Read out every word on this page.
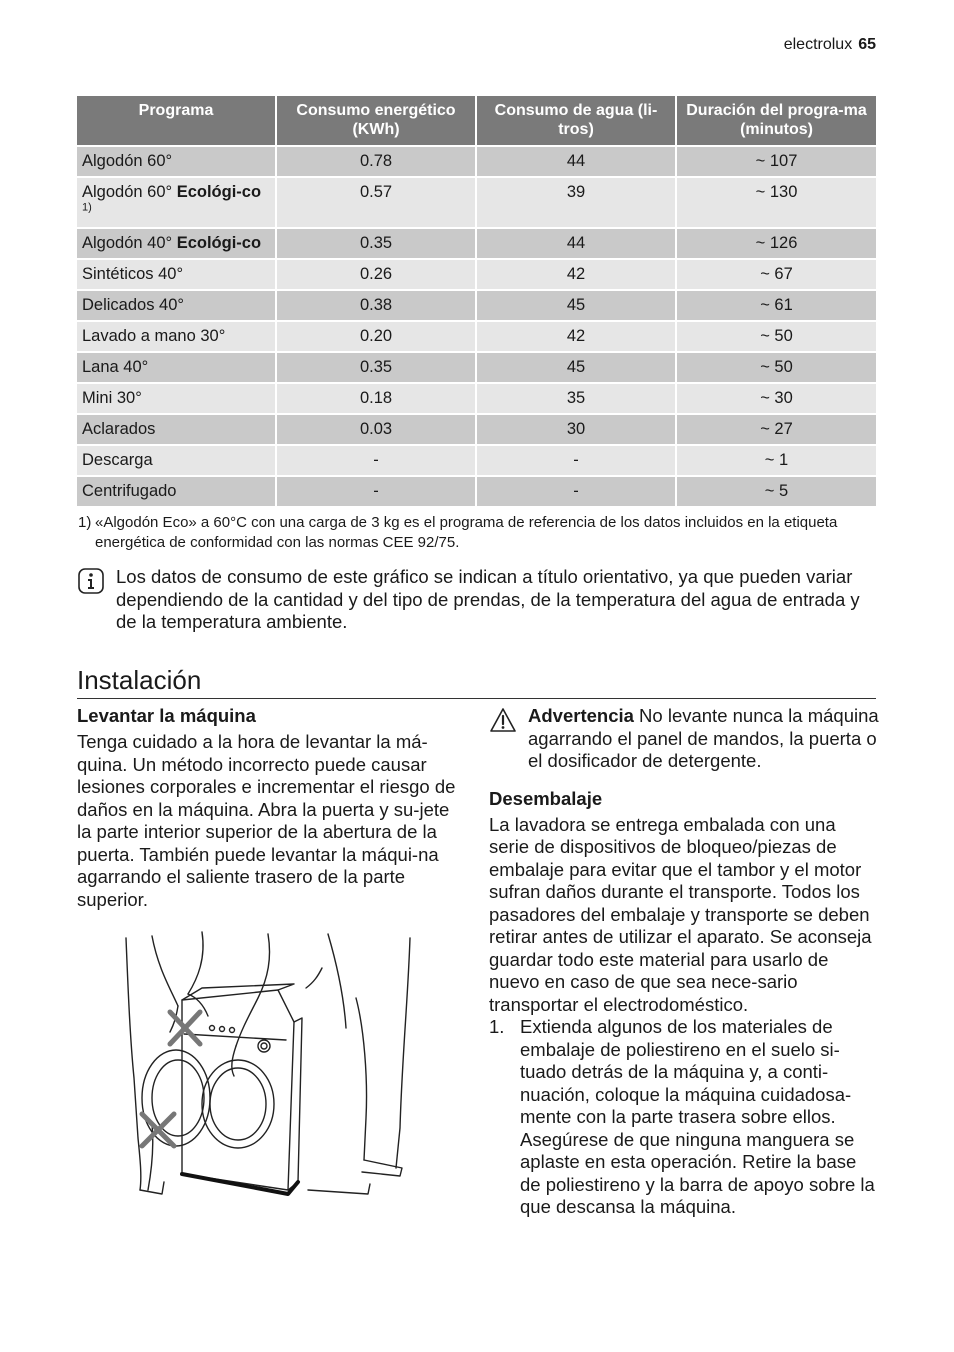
electrolux 65
Programa	Consumo energético (KWh)	Consumo de agua (li-tros)	Duración del progra-ma (minutos)
Algodón 60°	0.78	44	~ 107
Algodón 60° Ecológi-co $^{1)}$	0.57	39	~ 130
Algodón 40° Ecológi-co	0.35	44	~ 126
Sintéticos 40°	0.26	42	~ 67
Delicados 40°	0.38	45	~ 61
Lavado a mano 30°	0.20	42	~ 50
Lana 40°	0.35	45	~ 50
Mini 30°	0.18	35	~ 30
Aclarados	0.03	30	~ 27
Descarga	-	-	~ 1
Centrifugado	-	-	~ 5
1) «Algodón Eco» a 60°C con una carga de 3 kg es el programa de referencia de los datos incluidos en la etiqueta energética de conformidad con las normas CEE 92/75.
Los datos de consumo de este gráfico se indican a título orientativo, ya que pueden variar dependiendo de la cantidad y del tipo de prendas, de la temperatura del agua de entrada y de la temperatura ambiente.
Instalación

Levantar la máquina

Tenga cuidado a la hora de levantar la má-quina. Un método incorrecto puede causar lesiones corporales e incrementar el riesgo de daños en la máquina. Abra la puerta y su-jete la parte interior superior de la abertura de la puerta. También puede levantar la máqui-na agarrando el saliente trasero de la parte superior.

Advertencia No levante nunca la máquina agarrando el panel de mandos, la puerta o el dosificador de detergente.

Desembalaje

La lavadora se entrega embalada con una serie de dispositivos de bloqueo/piezas de embalaje para evitar que el tambor y el motor sufran daños durante el transporte. Todos los pasadores del embalaje y transporte se deben retirar antes de utilizar el aparato. Se aconseja guardar todo este material para usarlo de nuevo en caso de que sea nece-sario transportar el electrodoméstico.

1. Extienda algunos de los materiales de embalaje de poliestireno en el suelo si-tuado detrás de la máquina y, a conti-nuación, coloque la máquina cuidadosa-mente con la parte trasera sobre ellos. Asegúrese de que ninguna manguera se aplaste en esta operación. Retire la base de poliestireno y la barra de apoyo sobre la que descansa la máquina.
